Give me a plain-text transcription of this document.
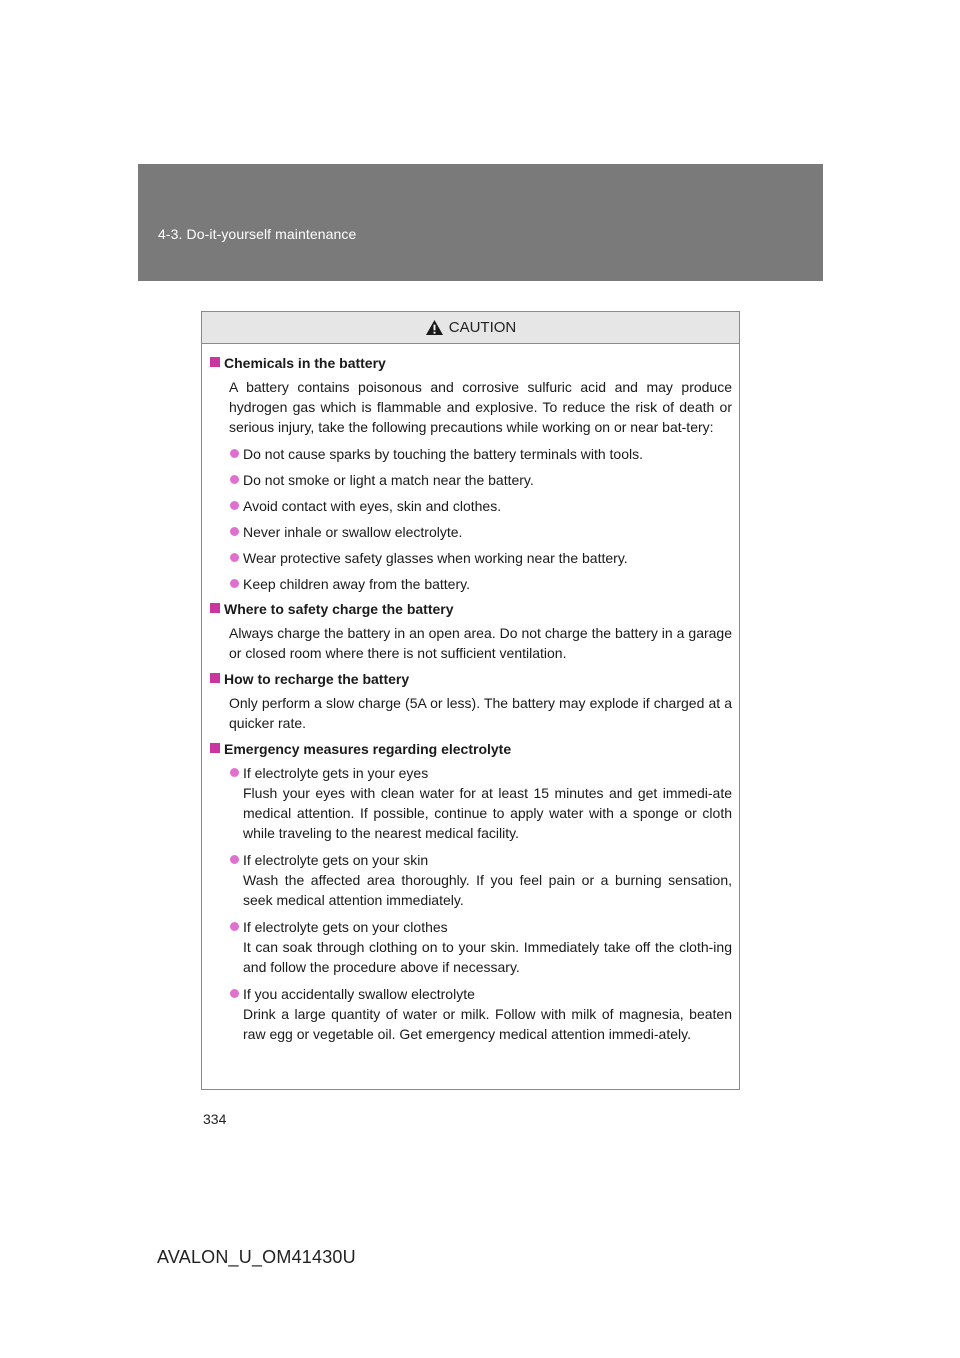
4-3. Do-it-yourself maintenance
CAUTION
Chemicals in the battery
A battery contains poisonous and corrosive sulfuric acid and may produce hydrogen gas which is flammable and explosive. To reduce the risk of death or serious injury, take the following precautions while working on or near bat-tery:
Do not cause sparks by touching the battery terminals with tools.
Do not smoke or light a match near the battery.
Avoid contact with eyes, skin and clothes.
Never inhale or swallow electrolyte.
Wear protective safety glasses when working near the battery.
Keep children away from the battery.
Where to safety charge the battery
Always charge the battery in an open area. Do not charge the battery in a garage or closed room where there is not sufficient ventilation.
How to recharge the battery
Only perform a slow charge (5A or less). The battery may explode if charged at a quicker rate.
Emergency measures regarding electrolyte
If electrolyte gets in your eyes
Flush your eyes with clean water for at least 15 minutes and get immedi-ate medical attention. If possible, continue to apply water with a sponge or cloth while traveling to the nearest medical facility.
If electrolyte gets on your skin
Wash the affected area thoroughly. If you feel pain or a burning sensation, seek medical attention immediately.
If electrolyte gets on your clothes
It can soak through clothing on to your skin. Immediately take off the cloth-ing and follow the procedure above if necessary.
If you accidentally swallow electrolyte
Drink a large quantity of water or milk. Follow with milk of magnesia, beaten raw egg or vegetable oil. Get emergency medical attention immedi-ately.
334
AVALON_U_OM41430U
